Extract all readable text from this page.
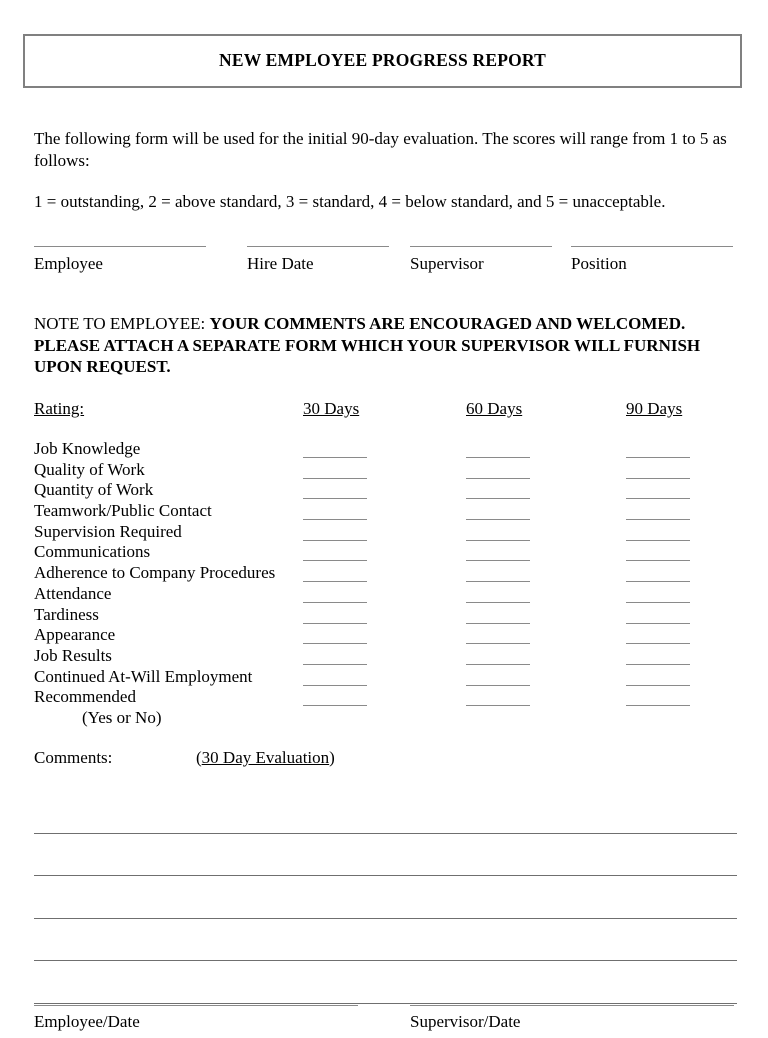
NEW EMPLOYEE PROGRESS REPORT
The following form will be used for the initial 90-day evaluation. The scores will range from 1 to 5 as follows:
1 = outstanding, 2 = above standard, 3 = standard, 4 = below standard, and 5 = unacceptable.
Employee	Hire Date	Supervisor	Position
NOTE TO EMPLOYEE: YOUR COMMENTS ARE ENCOURAGED AND WELCOMED. PLEASE ATTACH A SEPARATE FORM WHICH YOUR SUPERVISOR WILL FURNISH UPON REQUEST.
Rating:	30 Days	60 Days	90 Days
Job Knowledge
Quality of Work
Quantity of Work
Teamwork/Public Contact
Supervision Required
Communications
Adherence to Company Procedures
Attendance
Tardiness
Appearance
Job Results
Continued At-Will Employment
Recommended
(Yes or No)
Comments:	(30 Day Evaluation)
Employee/Date	Supervisor/Date
